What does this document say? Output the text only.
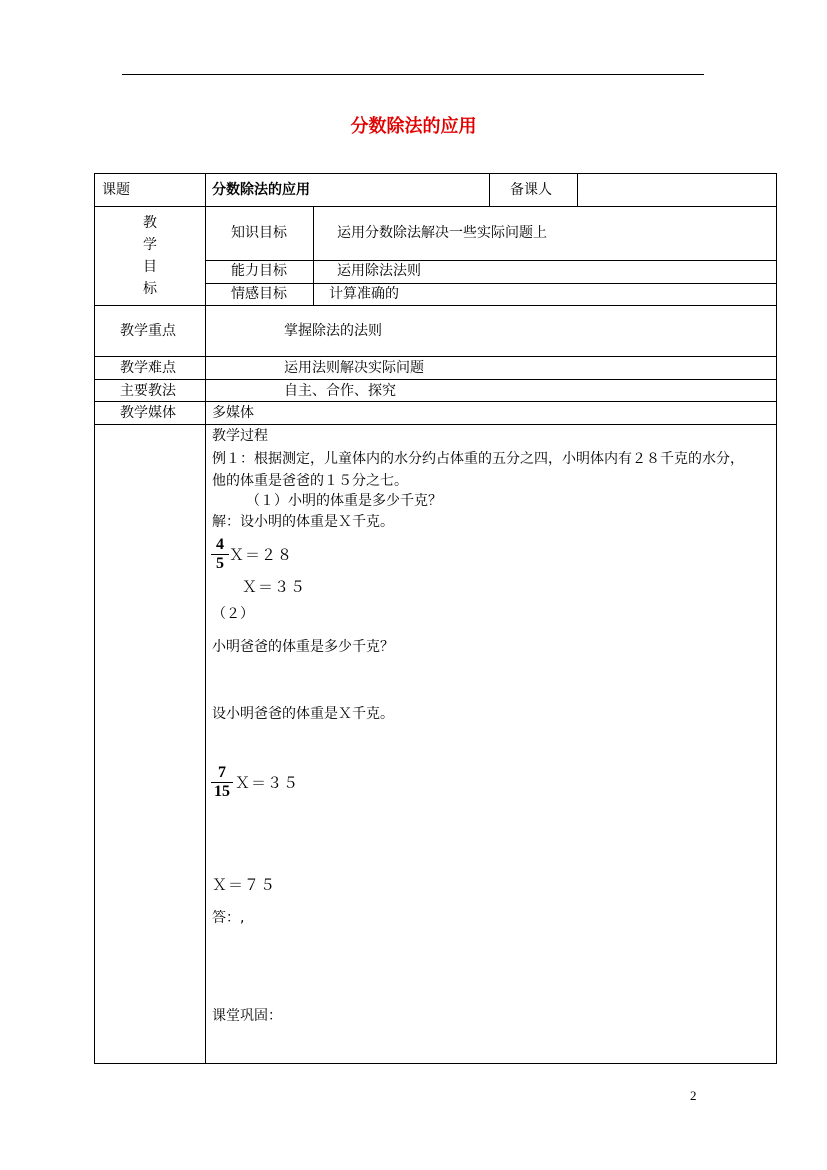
分数除法的应用
课题	分数除法的应用	备课人
教
学
目
标
知识目标	运用分数除法解决一些实际问题上
能力目标	运用除法法则
情感目标	计算准确的
教学重点	掌握除法的法则
教学难点	运用法则解决实际问题
主要教法	自主、合作、探究
教学媒体	多媒体
教学过程
例１：根据测定，儿童体内的水分约占体重的五分之四，小明体内有２８千克的水分，
他的体重是爸爸的１５分之七。
（１）小明的体重是多少千克？
解：设小明的体重是Ｘ千克。
4
5 Ｘ＝２８
Ｘ＝３５
（２）
小明爸爸的体重是多少千克？
设小明爸爸的体重是Ｘ千克。
7
15 Ｘ＝３５
Ｘ＝７５
答：,
课堂巩固：
2
